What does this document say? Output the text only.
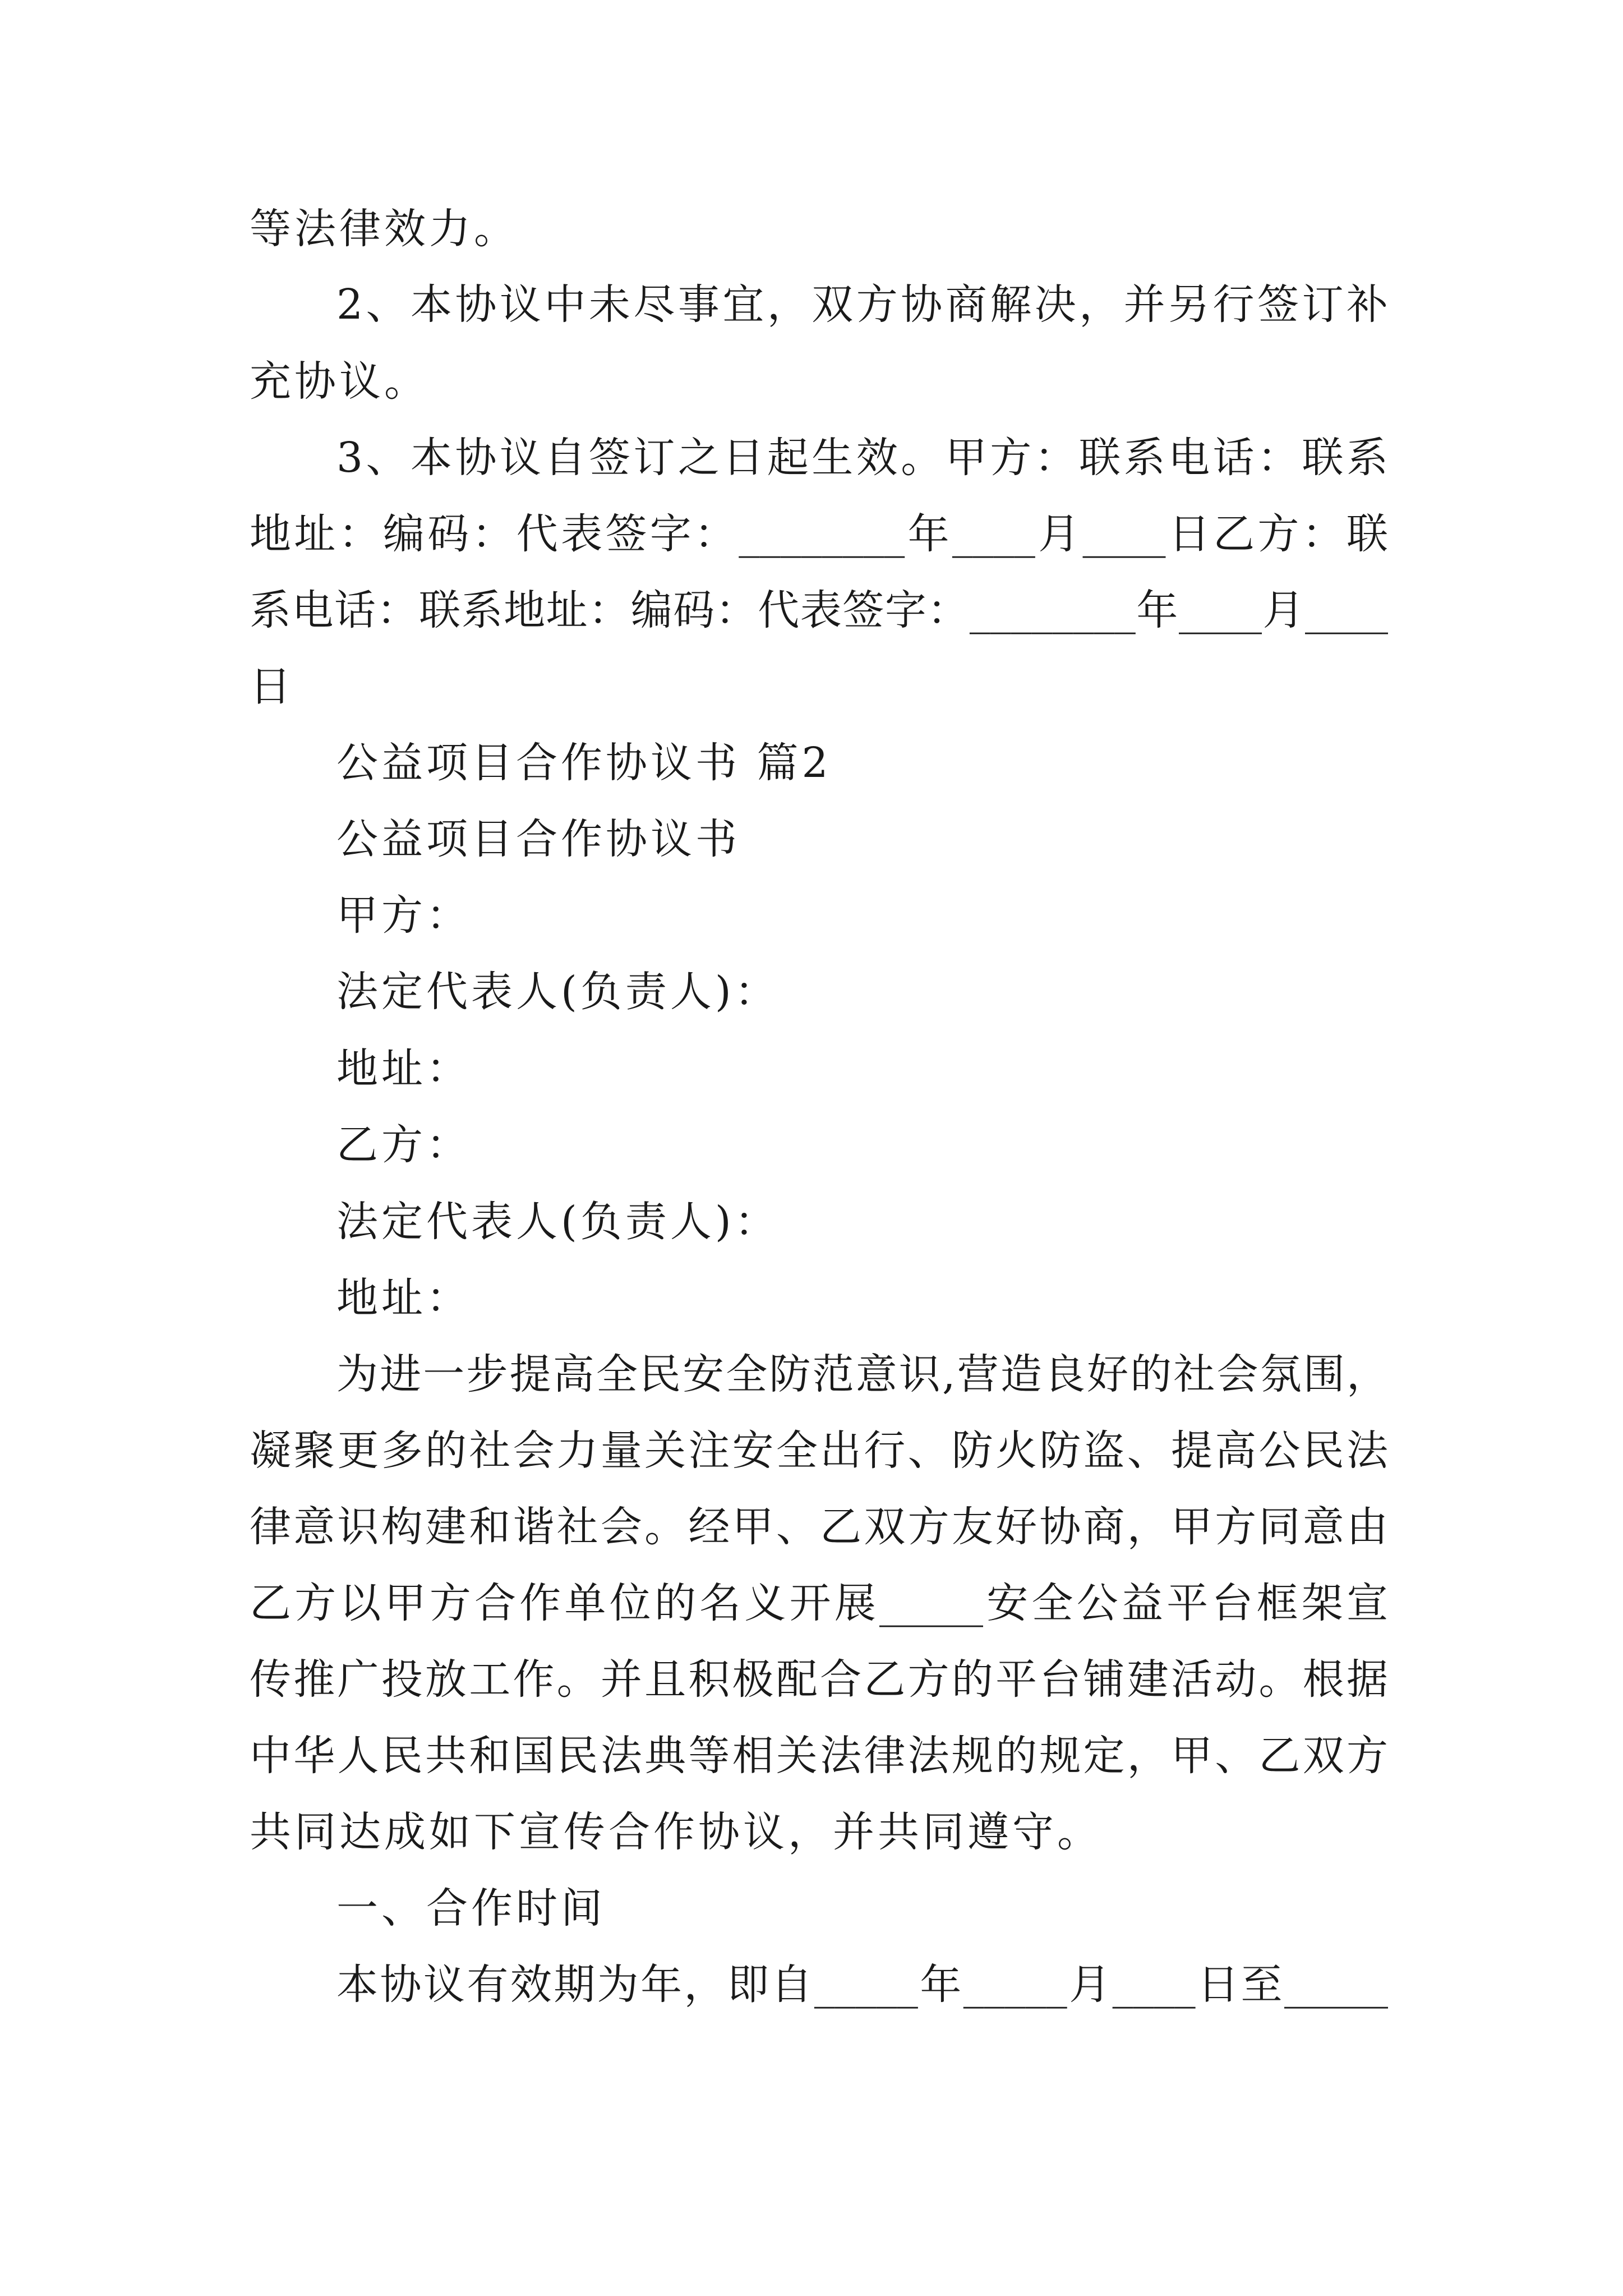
等法律效力。
2、本协议中未尽事宜，双方协商解决，并另行签订补
充协议。
3、本协议自签订之日起生效。甲方：联系电话：联系
地址：编码：代表签字：________年____月____日乙方：联
系电话：联系地址：编码：代表签字：________年____月____
日
公益项目合作协议书 篇2
公益项目合作协议书
甲方：
法定代表人(负责人)：
地址：
乙方：
法定代表人(负责人)：
地址：
为进一步提高全民安全防范意识,营造良好的社会氛围，
凝聚更多的社会力量关注安全出行、防火防盗、提高公民法
律意识构建和谐社会。经甲、乙双方友好协商，甲方同意由
乙方以甲方合作单位的名义开展_____安全公益平台框架宣
传推广投放工作。并且积极配合乙方的平台铺建活动。根据
中华人民共和国民法典等相关法律法规的规定，甲、乙双方
共同达成如下宣传合作协议，并共同遵守。
一、合作时间
本协议有效期为年，即自_____年_____月____日至_____
